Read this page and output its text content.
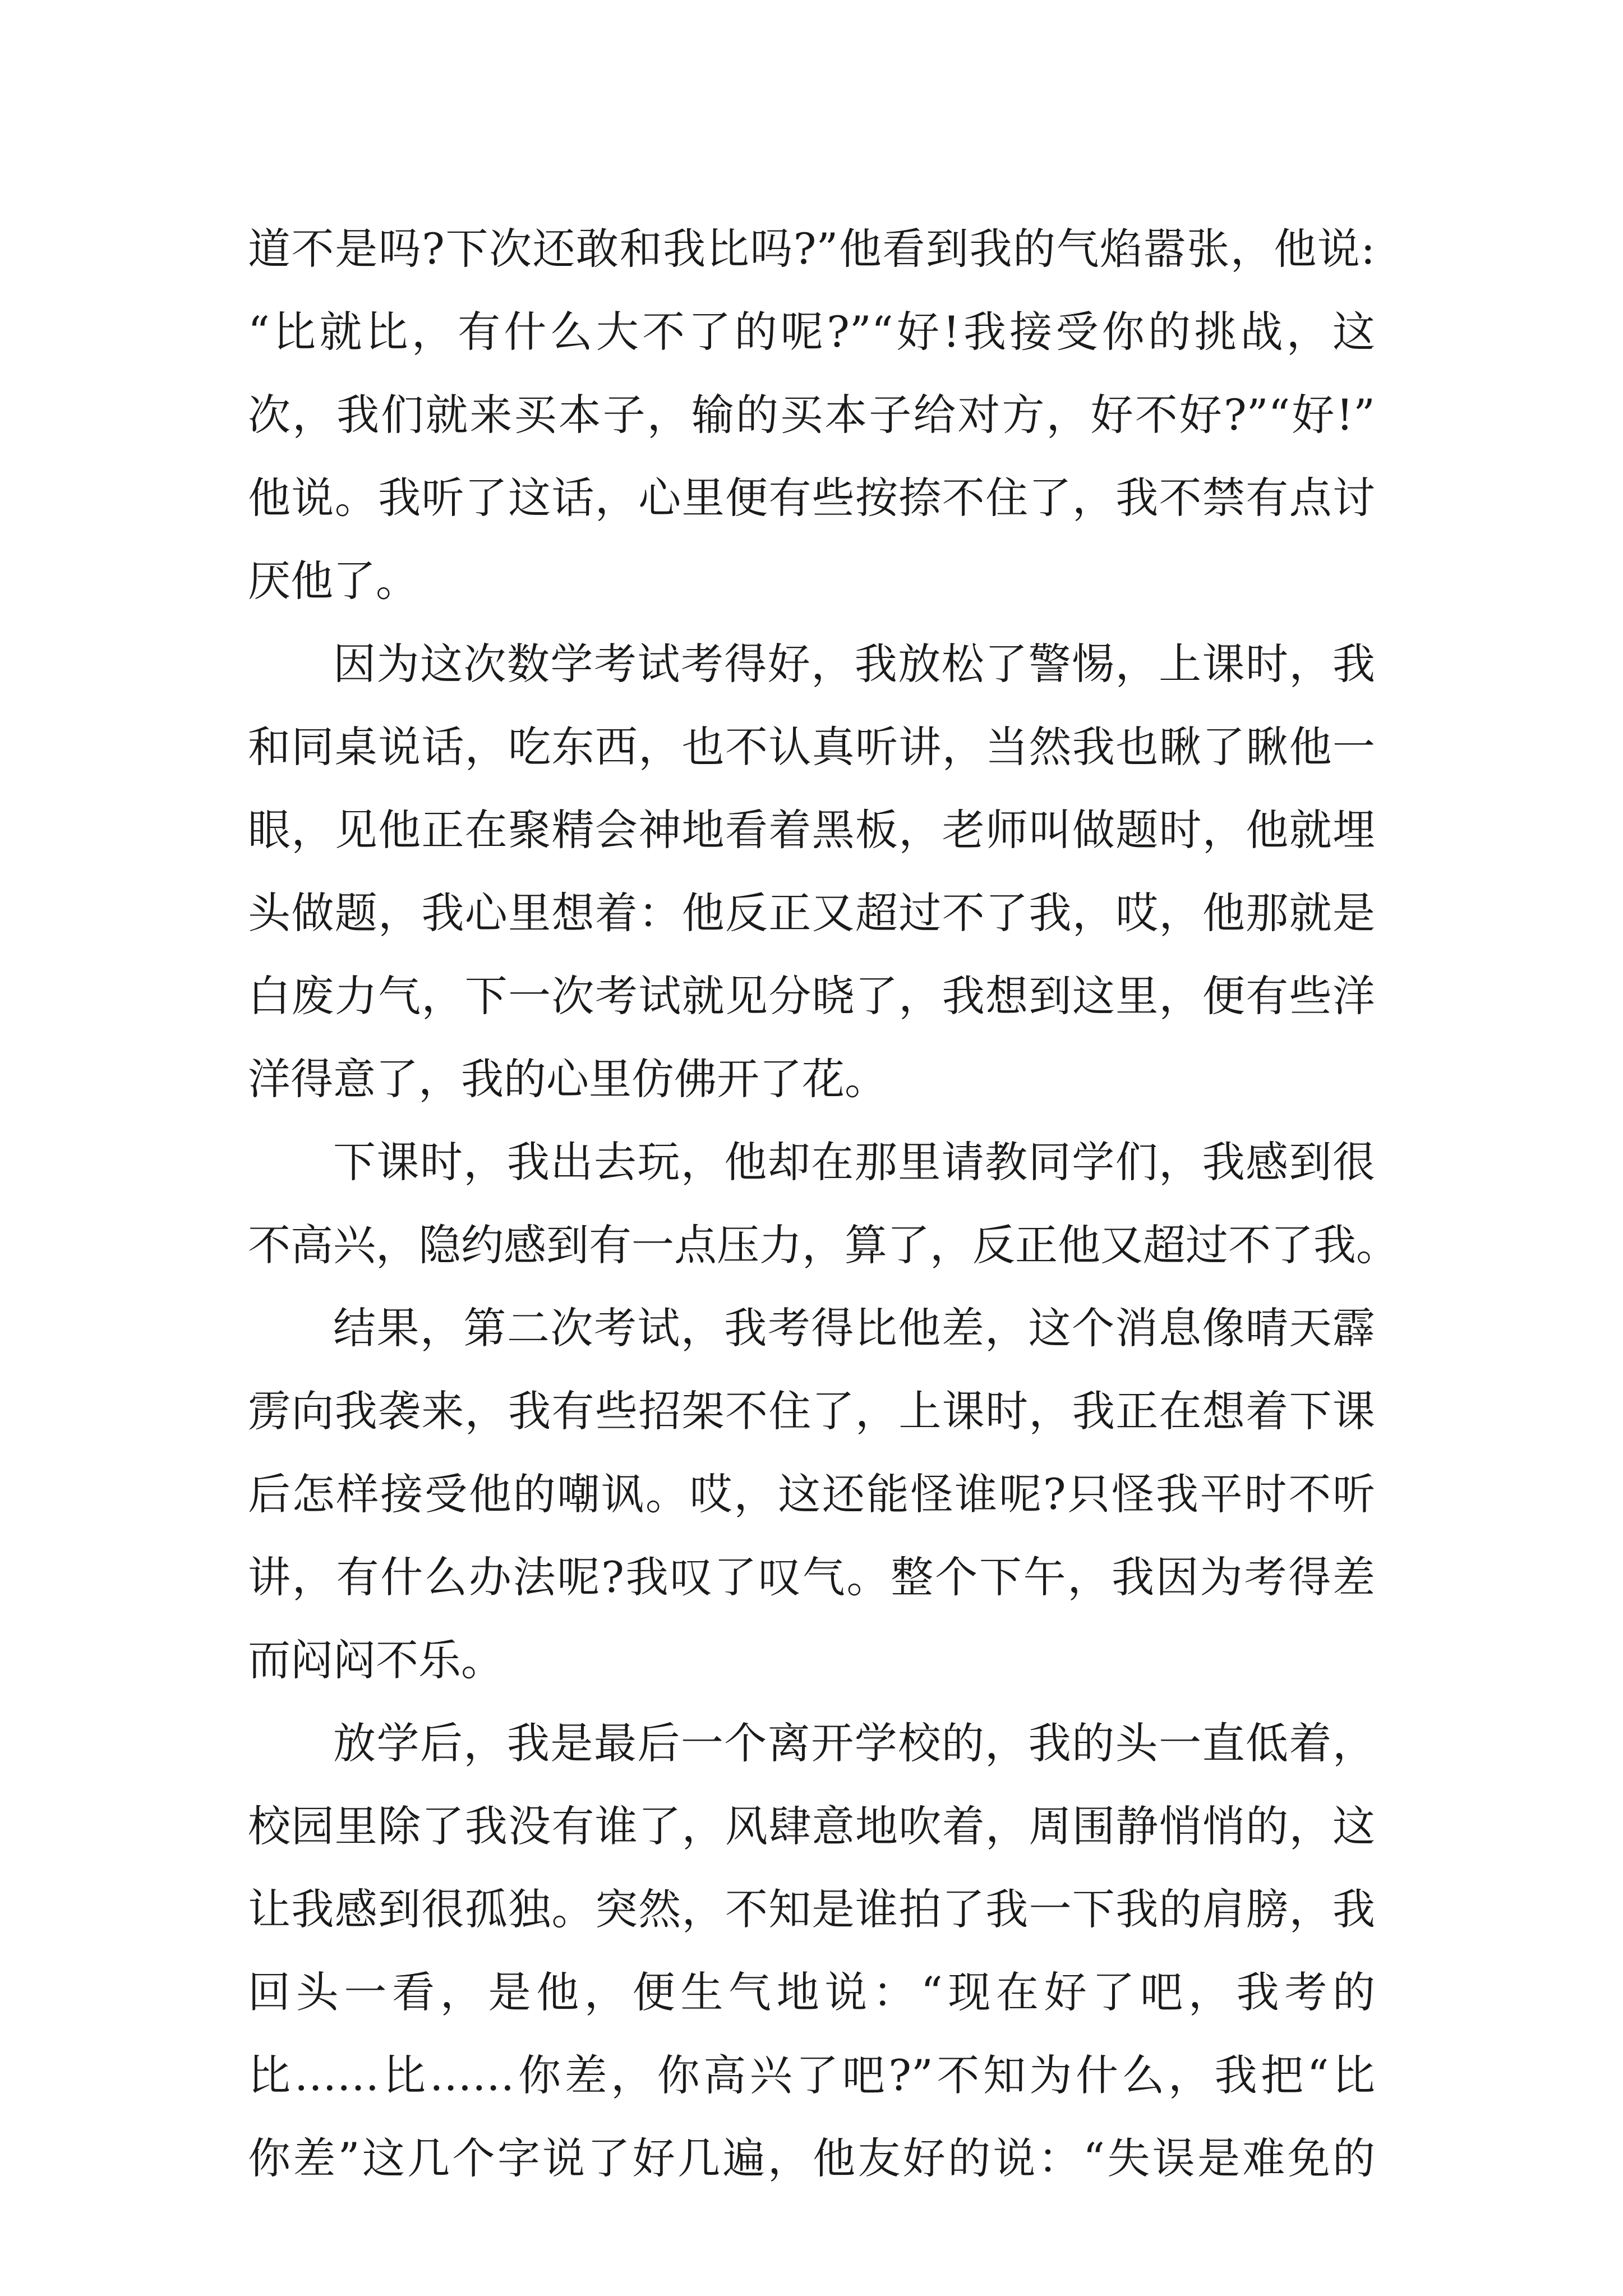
道不是吗?下次还敢和我比吗?”他看到我的气焰嚣张，他说:
“比就比，有什么大不了的呢?”“好!我接受你的挑战，这
次，我们就来买本子，输的买本子给对方，好不好?”“好!”
他说。我听了这话，心里便有些按捺不住了，我不禁有点讨
厌他了。
因为这次数学考试考得好，我放松了警惕，上课时，我
和同桌说话，吃东西，也不认真听讲，当然我也瞅了瞅他一
眼，见他正在聚精会神地看着黑板，老师叫做题时，他就埋
头做题，我心里想着：他反正又超过不了我，哎，他那就是
白废力气，下一次考试就见分晓了，我想到这里，便有些洋
洋得意了，我的心里仿佛开了花。
下课时，我出去玩，他却在那里请教同学们，我感到很
不高兴，隐约感到有一点压力，算了，反正他又超过不了我。
结果，第二次考试，我考得比他差，这个消息像晴天霹
雳向我袭来，我有些招架不住了，上课时，我正在想着下课
后怎样接受他的嘲讽。哎，这还能怪谁呢?只怪我平时不听
讲，有什么办法呢?我叹了叹气。整个下午，我因为考得差
而闷闷不乐。
放学后，我是最后一个离开学校的，我的头一直低着，
校园里除了我没有谁了，风肆意地吹着，周围静悄悄的，这
让我感到很孤独。突然，不知是谁拍了我一下我的肩膀，我
回头一看，是他，便生气地说：“现在好了吧，我考的
比……比……你差，你高兴了吧?”不知为什么，我把“比
你差”这几个字说了好几遍，他友好的说：“失误是难免的
